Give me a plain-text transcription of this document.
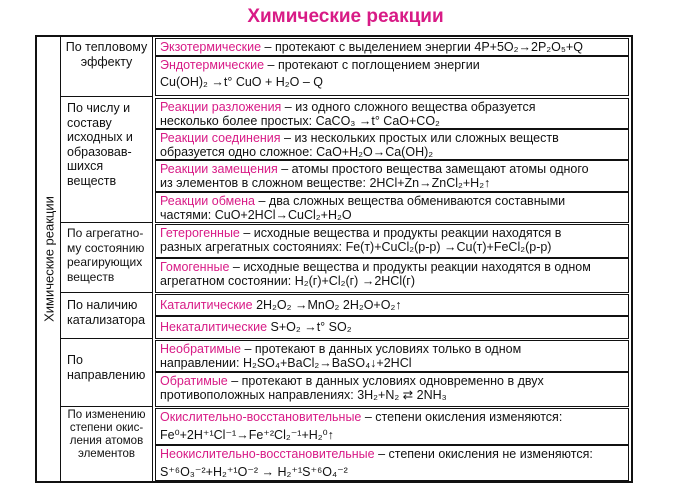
Химические реакции
Химические реакции
По тепловому эффекту
По числу и составу исходных и образовав-шихся веществ
По агрегатно-му состоянию реагирующих веществ
По наличию катализатора
По направлению
По изменению степени окис-ления атомов элементов
Экзотермические – протекают с выделением энергии 4P+5O₂→2P₂O₅+Q
Эндотермические – протекают с поглощением энергии
Cu(OH)₂ →t° CuO + H₂O – Q
Реакции разложения – из одного сложного вещества образуется
несколько более простых: CaCO₃ →t° CaO+CO₂
Реакции соединения – из нескольких простых или сложных веществ
образуется одно сложное: CaO+H₂O→Ca(OH)₂
Реакции замещения – атомы простого вещества замещают атомы одного
из элементов в сложном веществе: 2HCl+Zn→ZnCl₂+H₂↑
Реакции обмена – два сложных вещества обмениваются составными
частями: CuO+2HCl→CuCl₂+H₂O
Гетерогенные – исходные вещества и продукты реакции находятся в
разных агрегатных состояниях: Fe(т)+CuCl₂(р-р) →Cu(т)+FeCl₂(р-р)
Гомогенные – исходные вещества и продукты реакции находятся в одном
агрегатном состоянии: H₂(г)+Cl₂(г) →2HCl(г)
Каталитические 2H₂O₂ →MnO₂ 2H₂O+O₂↑
Некаталитические S+O₂ →t° SO₂
Необратимые – протекают в данных условиях только в одном
направлении: H₂SO₄+BaCl₂→BaSO₄↓+2HCl
Обратимые – протекают в данных условиях одновременно в двух
противоположных направлениях: 3H₂+N₂ ⇄ 2NH₃
Окислительно-восстановительные – степени окисления изменяются:
Fe⁰+2H⁺¹Cl⁻¹→Fe⁺²Cl₂⁻¹+H₂⁰↑
Неокислительно-восстановительные – степени окисления не изменяются:
S⁺⁶O₃⁻²+H₂⁺¹O⁻² → H₂⁺¹S⁺⁶O₄⁻²
